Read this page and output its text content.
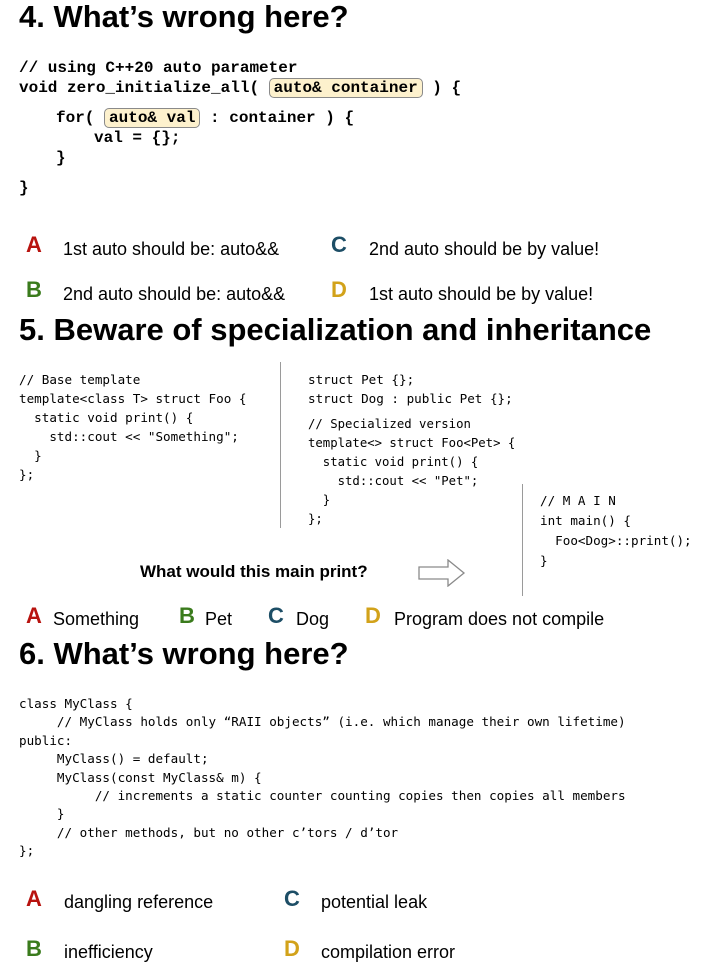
4. What’s wrong here?
// using C++20 auto parameter
void zero_initialize_all( auto& container ) {
for( auto& val : container ) {
val = {};
}
}
A 1st auto should be: auto&& C 2nd auto should be by value!
B 2nd auto should be: auto&& D 1st auto should be by value!
5. Beware of specialization and inheritance
// Base template
template<class T> struct Foo {
static void print() {
std::cout << "Something";
}
};
struct Pet {};
struct Dog : public Pet {};
// Specialized version
template<> struct Foo<Pet> {
static void print() {
std::cout << "Pet";
}
};
// M A I N
int main() {
Foo<Dog>::print();
}
What would this main print?
A Something B Pet C Dog D Program does not compile
6. What’s wrong here?
class MyClass {
// MyClass holds only “RAII objects” (i.e. which manage their own lifetime)
public:
MyClass() = default;
MyClass(const MyClass& m) {
// increments a static counter counting copies then copies all members
}
// other methods, but no other c’tors / d’tor
};
A dangling reference	C potential leak
B inefficiency	D compilation error
